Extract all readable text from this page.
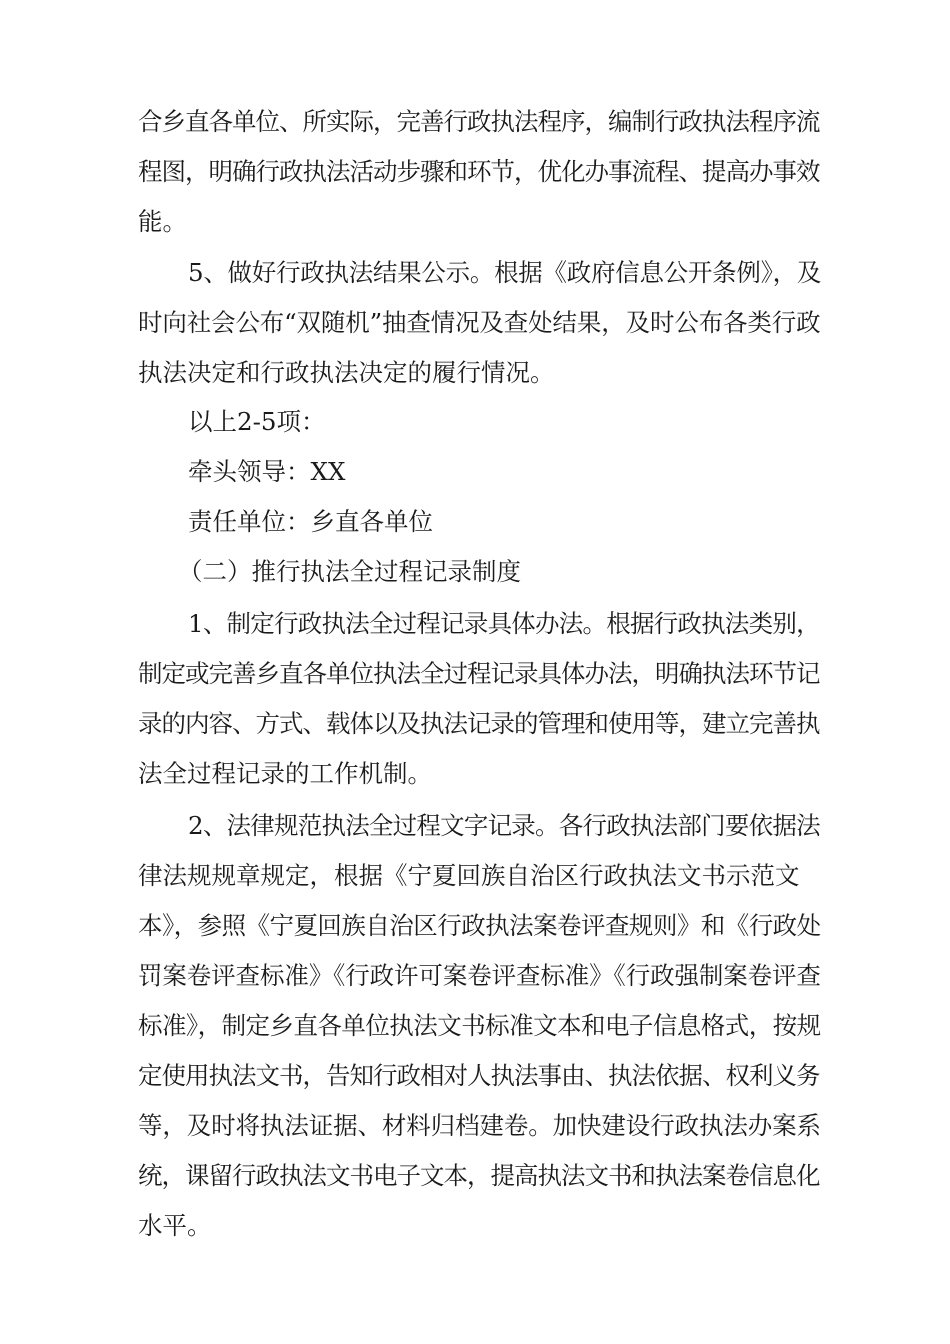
合乡直各单位、所实际，完善行政执法程序，编制行政执法程序流
程图，明确行政执法活动步骤和环节，优化办事流程、提高办事效
能。
5、做好行政执法结果公示。根据《政府信息公开条例》，及
时向社会公布“双随机”抽查情况及查处结果，及时公布各类行政
执法决定和行政执法决定的履行情况。
以上2-5项：
牵头领导：XX
责任单位：乡直各单位
（二）推行执法全过程记录制度
1、制定行政执法全过程记录具体办法。根据行政执法类别，
制定或完善乡直各单位执法全过程记录具体办法，明确执法环节记
录的内容、方式、载体以及执法记录的管理和使用等，建立完善执
法全过程记录的工作机制。
2、法律规范执法全过程文字记录。各行政执法部门要依据法
律法规规章规定，根据《宁夏回族自治区行政执法文书示范文
本》，参照《宁夏回族自治区行政执法案卷评查规则》和《行政处
罚案卷评查标准》《行政许可案卷评查标准》《行政强制案卷评查
标准》，制定乡直各单位执法文书标准文本和电子信息格式，按规
定使用执法文书，告知行政相对人执法事由、执法依据、权利义务
等，及时将执法证据、材料归档建卷。加快建设行政执法办案系
统，课留行政执法文书电子文本，提高执法文书和执法案卷信息化
水平。
